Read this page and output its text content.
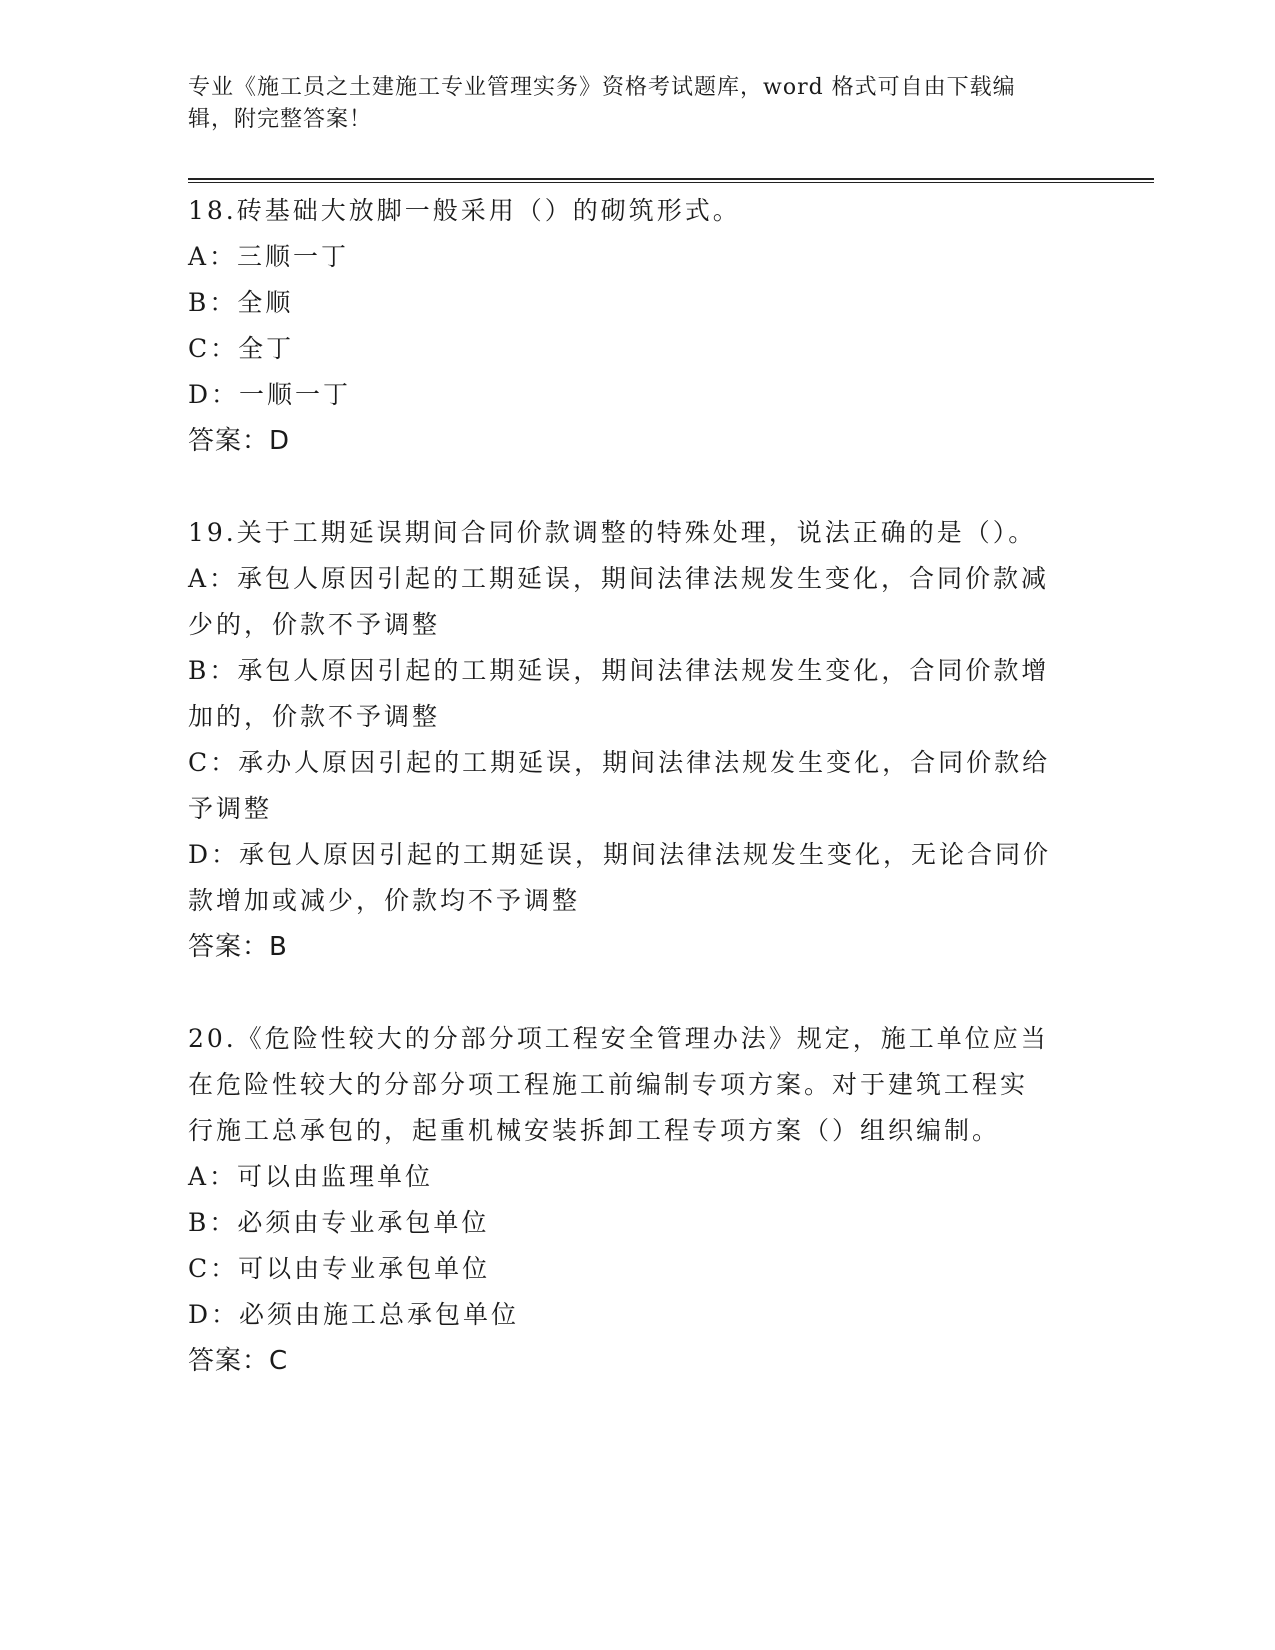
专业《施工员之土建施工专业管理实务》资格考试题库，word 格式可自由下载编
辑，附完整答案！
18.砖基础大放脚一般采用（）的砌筑形式。
A：三顺一丁
B：全顺
C：全丁
D：一顺一丁
答案：D
19.关于工期延误期间合同价款调整的特殊处理，说法正确的是（）。
A：承包人原因引起的工期延误，期间法律法规发生变化，合同价款减
少的，价款不予调整
B：承包人原因引起的工期延误，期间法律法规发生变化，合同价款增
加的，价款不予调整
C：承办人原因引起的工期延误，期间法律法规发生变化，合同价款给
予调整
D：承包人原因引起的工期延误，期间法律法规发生变化，无论合同价
款增加或减少，价款均不予调整
答案：B
20.《危险性较大的分部分项工程安全管理办法》规定，施工单位应当
在危险性较大的分部分项工程施工前编制专项方案。对于建筑工程实
行施工总承包的，起重机械安装拆卸工程专项方案（）组织编制。
A：可以由监理单位
B：必须由专业承包单位
C：可以由专业承包单位
D：必须由施工总承包单位
答案：C
